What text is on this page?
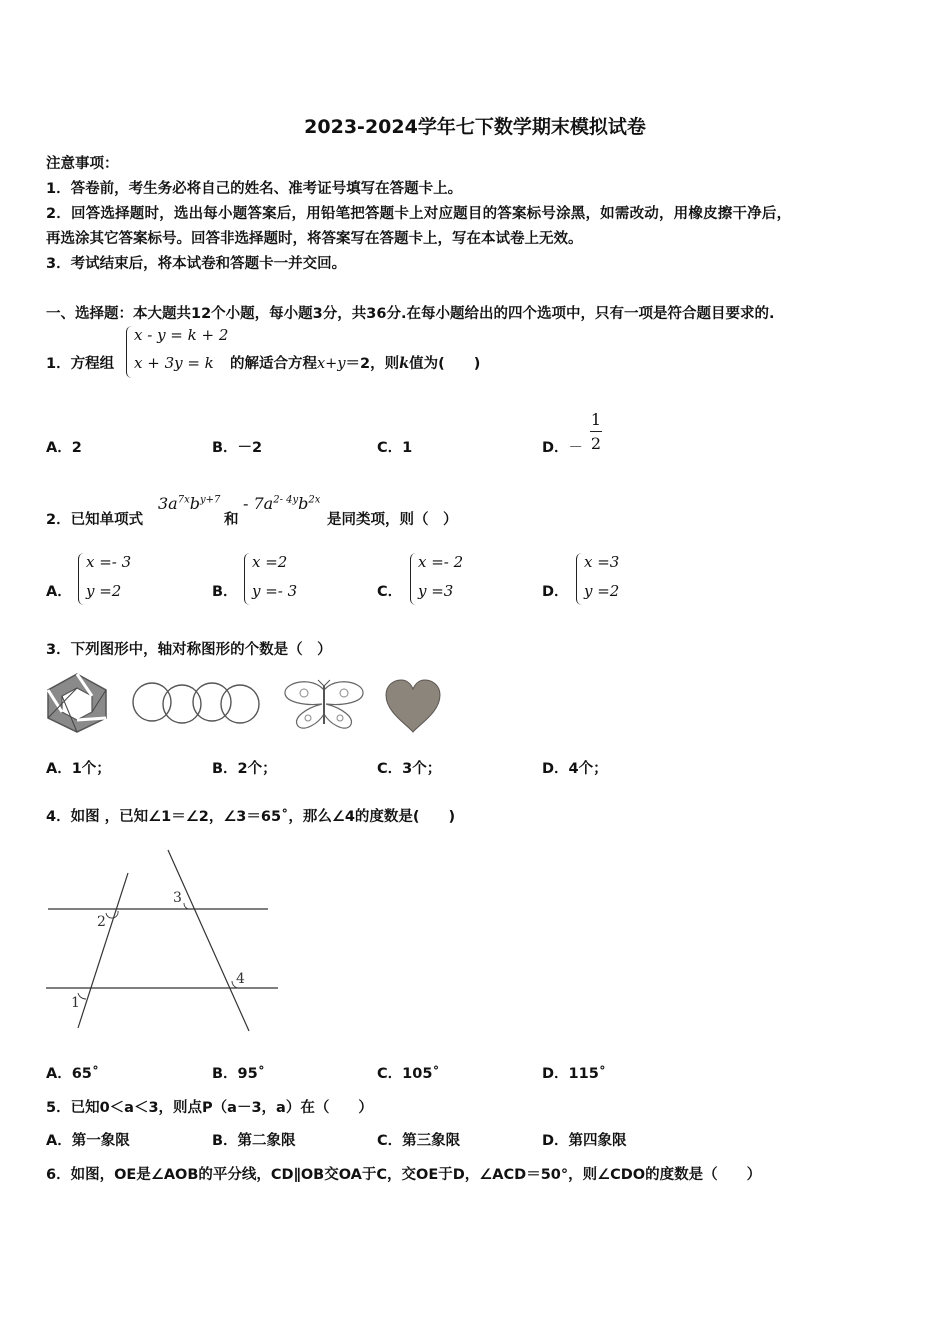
2023-2024学年七下数学期末模拟试卷
注意事项：
1．答卷前，考生务必将自己的姓名、准考证号填写在答题卡上。
2．回答选择题时，选出每小题答案后，用铅笔把答题卡上对应题目的答案标号涂黑，如需改动，用橡皮擦干净后，
再选涂其它答案标号。回答非选择题时，将答案写在答题卡上，写在本试卷上无效。
3．考试结束后，将本试卷和答题卡一并交回。
一、选择题：本大题共12个小题，每小题3分，共36分.在每小题给出的四个选项中，只有一项是符合题目要求的.
1．方程组
x - y = k + 2
x + 3y = k 的解适合方程x+y＝2，则k值为(　　)
A．2	B．－2	C．1	D．－
1
2
2．已知单项式
$3a^{7x}b^{y+7}$
和
- $7a^{2- 4y}b^{2x}$
是同类项，则（　）
A．
x =- 3
y =2	B．
x =2
y =- 3	C．
x =- 2
y =3	D．
x =3
y =2
3．下列图形中，轴对称图形的个数是（　）
A．1个；	B．2个；	C．3个；	D．4个；
4．如图 ，已知∠1＝∠2，∠3＝65˚，那么∠4的度数是(　　)
2
1
3
4
A．65˚	B．95˚	C．105˚	D．115˚
5．已知0＜a＜3，则点P（a－3，a）在（　　）
A．第一象限	B．第二象限	C．第三象限	D．第四象限
6．如图，OE是∠AOB的平分线，CD∥OB交OA于C，交OE于D，∠ACD＝50°，则∠CDO的度数是（　　）
